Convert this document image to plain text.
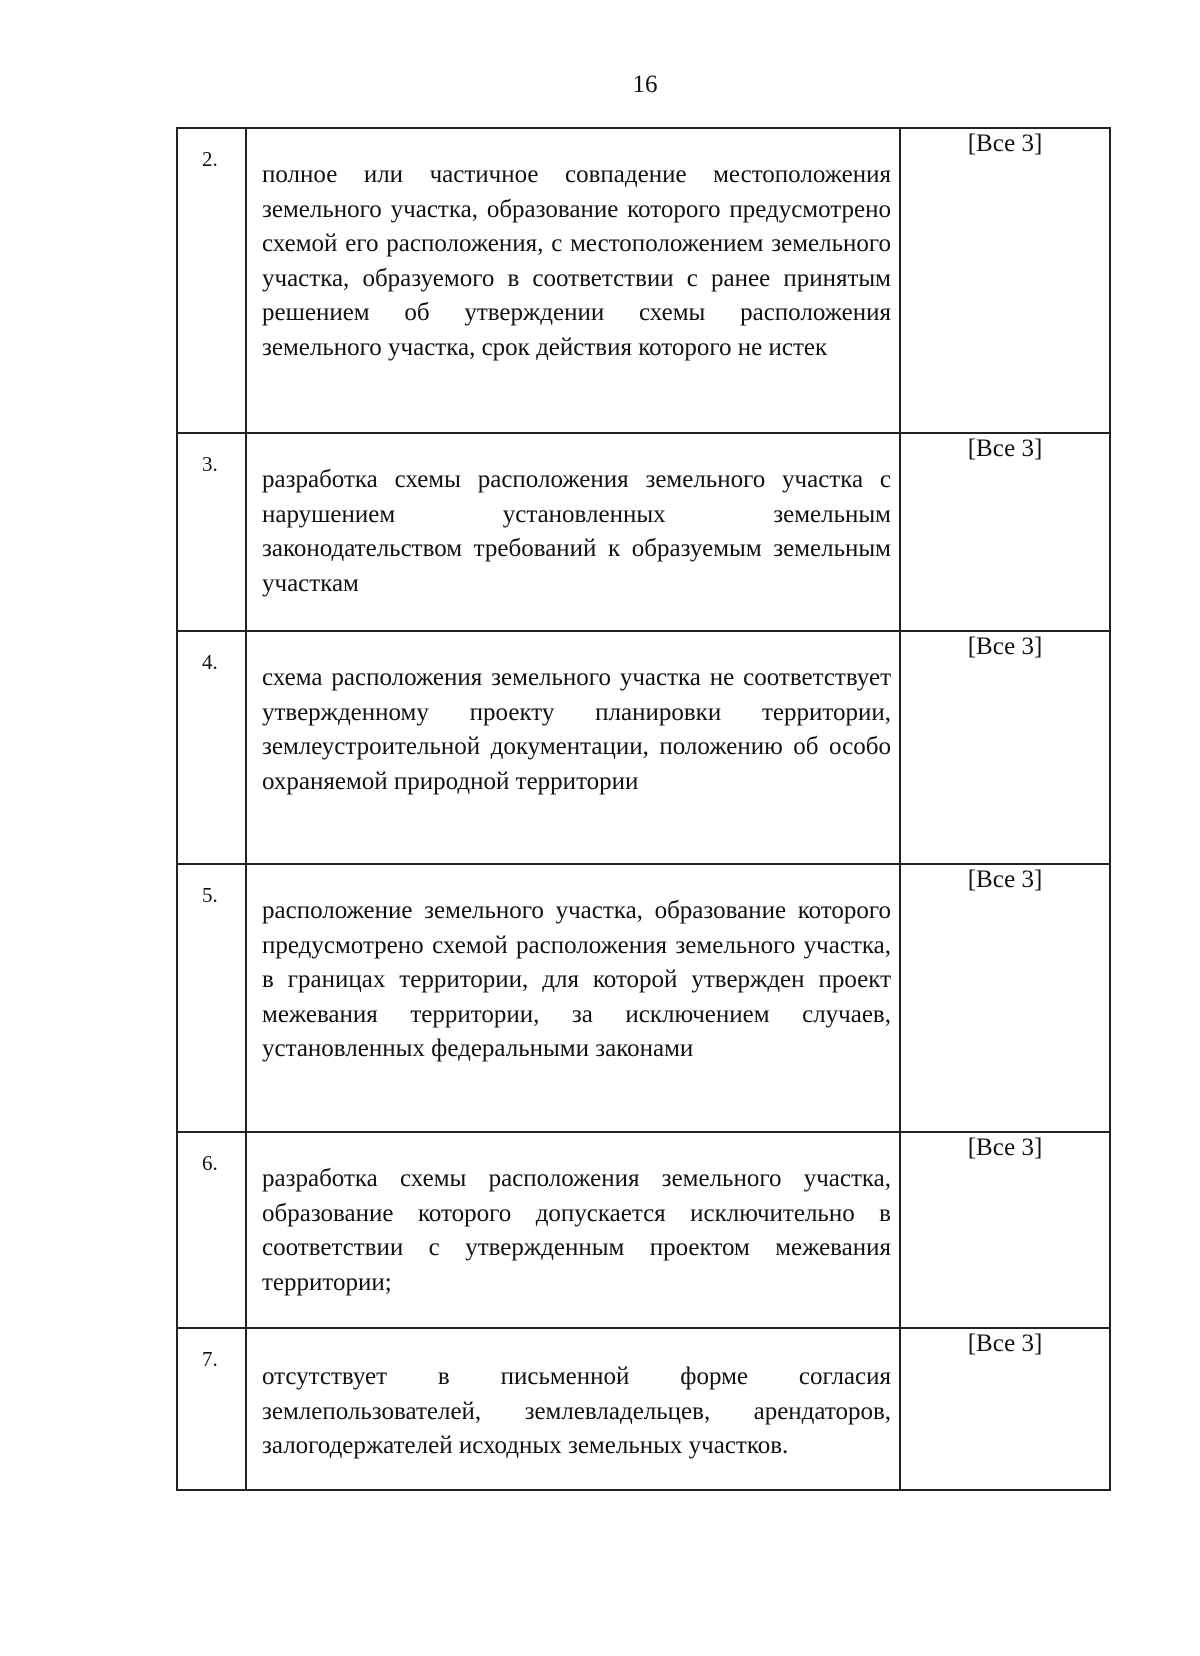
16
2.	полное или частичное совпадение местоположения земельного участка, образование которого предусмотрено схемой его расположения, с местоположением земельного участка, образуемого в соответствии с ранее принятым решением об утверждении схемы расположения земельного участка, срок действия которого не истек	[Все 3]

3.	разработка схемы расположения земельного участка с нарушением установленных земельным законодательством требований к образуемым земельным участкам	[Все 3]

4.	схема расположения земельного участка не соответствует утвержденному проекту планировки территории, землеустроительной документации, положению об особо охраняемой природной территории	[Все 3]

5.	расположение земельного участка, образование которого предусмотрено схемой расположения земельного участка, в границах территории, для которой утвержден проект межевания территории, за исключением случаев, установленных федеральными законами	[Все 3]

6.	разработка схемы расположения земельного участка, образование которого допускается исключительно в соответствии с утвержденным проектом межевания территории;	[Все 3]

7.	отсутствует в письменной форме согласия землепользователей, землевладельцев, арендаторов, залогодержателей исходных земельных участков.	[Все 3]
